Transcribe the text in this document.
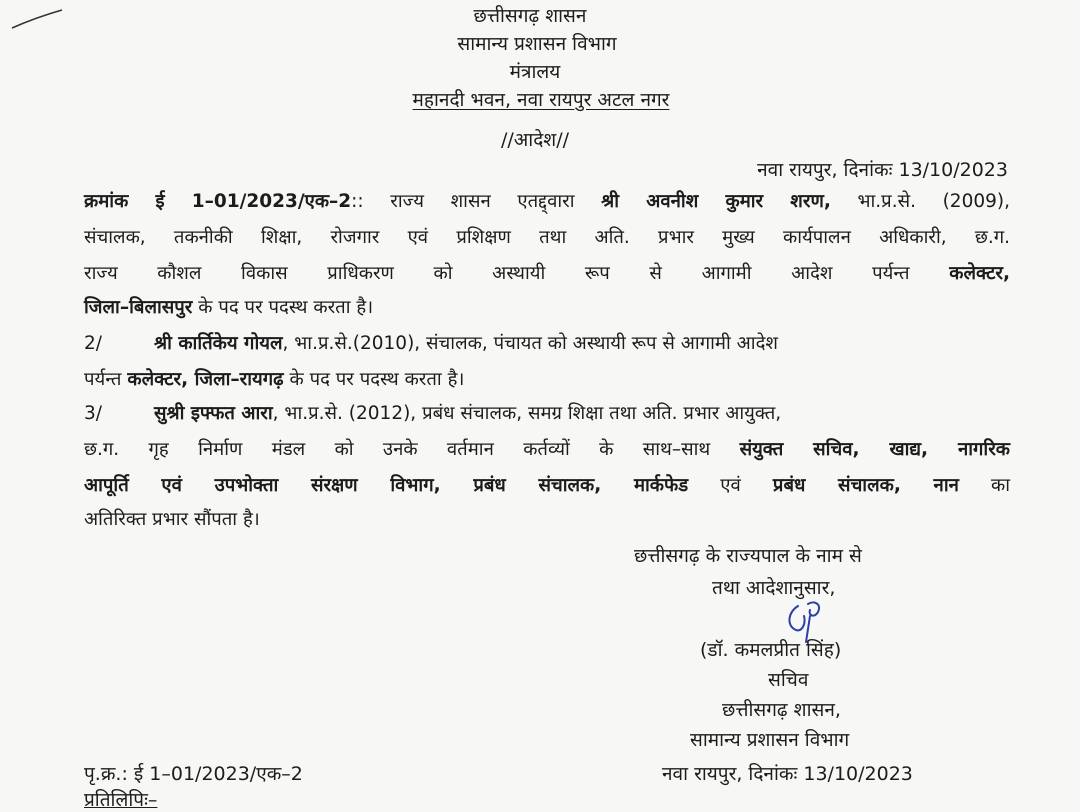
छत्तीसगढ़ शासन
सामान्य प्रशासन विभाग
मंत्रालय
महानदी भवन, नवा रायपुर अटल नगर
//आदेश//
नवा रायपुर, दिनांकः 13/10/2023
क्रमांक ई 1–01/2023/एक–2:: राज्य शासन एतद्द्वारा श्री अवनीश कुमार शरण, भा.प्र.से. (2009),
संचालक, तकनीकी शिक्षा, रोजगार एवं प्रशिक्षण तथा अति. प्रभार मुख्य कार्यपालन अधिकारी, छ.ग.
राज्य कौशल विकास प्राधिकरण को अस्थायी रूप से आगामी आदेश पर्यन्त कलेक्टर,
जिला–बिलासपुर के पद पर पदस्थ करता है।
2/	श्री कार्तिकेय गोयल, भा.प्र.से.(2010), संचालक, पंचायत को अस्थायी रूप से आगामी आदेश
पर्यन्त कलेक्टर, जिला–रायगढ़ के पद पर पदस्थ करता है।
3/	सुश्री इफ्फत आरा, भा.प्र.से. (2012), प्रबंध संचालक, समग्र शिक्षा तथा अति. प्रभार आयुक्त,
छ.ग. गृह निर्माण मंडल को उनके वर्तमान कर्तव्यों के साथ–साथ संयुक्त सचिव, खाद्य, नागरिक
आपूर्ति एवं उपभोक्ता संरक्षण विभाग, प्रबंध संचालक, मार्कफेड एवं प्रबंध संचालक, नान का
अतिरिक्त प्रभार सौंपता है।
छत्तीसगढ़ के राज्यपाल के नाम से
तथा आदेशानुसार,
(डॉ. कमलप्रीत सिंह)
सचिव
छत्तीसगढ़ शासन,
सामान्य प्रशासन विभाग
पृ.क्र.: ई 1–01/2023/एक–2	नवा रायपुर, दिनांकः 13/10/2023
प्रतिलिपिः–
